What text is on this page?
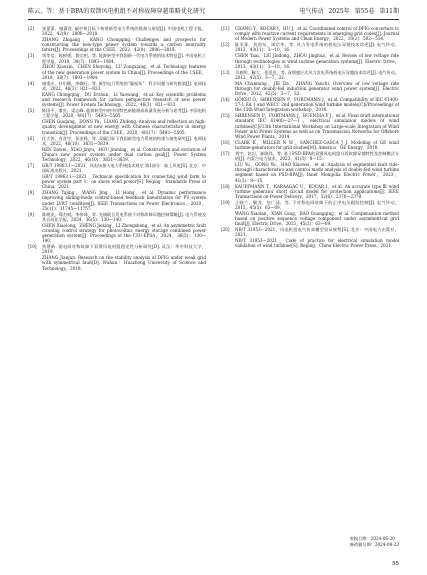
陈云，等：基于BPA的双馈风电机组不对称故障穿越策略优化研究	电气传动 2025年 第55卷 第11期
[2]	张蕾蕾，谢潇滢. 碳中和目标下构建新型电力系统的挑战与展望[J]. 中国电机工程学报，2022，42(8)：2806—2818.
ZHANG Zhigang，KANG Chongqing. Challenges and prospects for constructing the new-type power system towards a carbon neutrality future[J]. Proceedings of the CSEE，2022，42(8)：2806—2818.
[3]	周孝信，陈树勇，鲁宗相，等. 能源转型中我国新一代电力系统的技术特征[J]. 中国电机工程学报，2018，38(7)：1893—1904.
ZHOU Xiaoxin，CHEN Shuyong，LU Zongxiang，et al. Technology features of the new generation power system in China[J]. Proceedings of the CSEE，2018，38(7)：1893—1904.
[4]	康重庆，杜尔顺，李姚旺，等. 新型电力系统的“碳视角”：科学问题与研究框架[J]. 电网技术，2022，46(3)：821—833.
KANG Chongqing，DU Ershun，LI Yaowang，et al. Key scientific problems and research framework for carbon perspective research of new power systems[J]. Power System Technology，2022，46(3)：821—833.
[5]	陈国平，董昱，梁志峰. 能源转型中的中国特色新能源高质量发展分析与思考[J]. 中国电机工程学报，2020，40(17)：5493—5505.
CHEN Guoping，DONG Yu，LIANG Zhifeng. Analysis and reflection on high-quality development of new energy with Chinese characteristics in energy transition[J]. Proceedings of the CSEE，2020，40(17)：5493—5505.
[6]	任大伟，肖晋宇，侯金鸣，等. 双碳目标下我国新型电力系统的构建与演变研究[J]. 电网技术，2022，46(10)：3831—3839.
REN Dawei，XIAO Jinyu，HOU Jinming，et al. Construction and evolution of China's new power system under dual carbon goal[J]. Power System Technology，2022，46(10)：3831—3839.
[7]	GB/T 19963.1—2021，风电场接入电力系统技术规定 第1部分：陆上风电[S]. 北京：中国标准出版社，2021.
GB/T 19963.1—2021，Technical specification for connecting wind farm to power system part 1：on shore wind power[S]. Beijing：Standards Press of China，2021.
[8]	ZHANG Yajing，WANG Jing，LI Hong，et al. Dynamic performance improving sliding-mode control-based feedback linearization for PV system under LVRT condition[J]. IEEE Transactions on Power Electronics，2020，35(11)：11745—11757.
[9]	陈晓龙，郑杰钢，李伟烽，等. 光储联合发电系统不对称故障穿越控制策略[J]. 电力系统及其自动化学报，2024，36(5)：130—140.
CHEN Xiaolong，ZHENG Jiexing，LI Zhongsheng，et al. An asymmetric fault crossing control strategy for photovoltaic energy storage combined power generation system[J]. Proceedings of the CSU-EPSA，2024，36(5)：130—140.
[10]	焦建新. 弱电网对称故障下双馈风电机组稳定性分析研究[D]. 武汉：华中科技大学，2019.
ZHANG Jianjun. Research on the stability analysis of DFIG under weak grid with symmetrical fault[D]. Wuhan：Huazhong University of Science and Technology，2019.
[11]	CHANG Y，KOCAR I，HU J，et al. Coordinated control of DFIG converters to comply with reactive current requirements in emerging grid codes[J]. Journal of Modern Power Systems and Clean Energy，2022，10(2)：502—514.
[12]	陈亚莱，刘劲东，周宗华，等. 风力发电系统的低电压穿越技术综述[J]. 电气传动，2013，43(11)：3—10，16.
CHEN Yaai，LIU Jindong，ZHOU Jinghua，et al. Review of low voltage ride through technologies in wind turbine generation systems[J]. Electric Drive，2013，43(11)：3—10，16.
[13]	马春明，解大，张延迟，等. 双馈感应式风力发电系统低电压穿越技术综述[J]. 电气传动，2012，42(5)：3—7，32.
MA Chunming，JIE Da，ZHANG Yanchi. Overview of low voltage ride through for doubly-fed induction generator wind power system[J]. Electric Drive，2012，42(5)：3—7，32.
[14]	GÖKSU Ö，SØRENSEN P，FORTMANN J，et al. Compatibility of IEC 61400-27-1 Ed 1 and WECC 2nd generation wind turbine models[C]//Proceedings of the 15th Wind Integration workshop，2016.
[15]	SØRENSEN P，FORTMANN J，BUENDIA F J，et al. Final draft international standard IEC 61400—27—1，electrical simulation models of wind turbines[C]//13th International Workshop on Large-scale Integration of Wind Power into Power Systems as well as on Transmission Networks for Offshore Wind Power Plants，2014.
[16]	CLARK K，MILLER N W，SANCHEZ-GASCA J J. Modeling of GE wind turbine-generators for grid studies[M]. America：GE Energy，2010.
[17]	刘宇，赵岩，郝晓玮，等. 基于PSD-BPA的双馈风电机组分段故障穿越特性及控制模式分析[J]. 内蒙古电力技术，2023，41(3)：8—15.
LIU Yu，GONG Yu，HAO Xiaowei，et al. Analysis of segmented fault ride-through characteristics and control mode analysis of doubly-fed wind turbine segment based on PSD-BPA[J]. Inner Mongolia Electric Power，2023，41(3)：8—15.
[18]	KAUFFMANN T，KARAAGAC U，KOCAR I，et al. An accurate type Ⅲ wind turbine generator short circuit model for protection applications[J]. IEEE Transactions on Power Delivery，2017，32(6)：2370—2379.
[19]	王晓兰，解龙，包广清，等. 不对称电网故障下的正序电压跟踪控制[J]. 电气传动，2015，45(5)：63—69.
WANG Xiaolan，XIAN Long，BAO Guangqing，et al. Compensation method based on positive sequence voltage component under asymmetrical grid fault[J]. Electric Drive，2015，45(2)：63—69.
[20]	NB/T 31053—2021，风电机组电气仿真模型验证规程[S]. 北京：中国电力出版社，2021.
NB/T 31053—2021，Code of practice for electrical simulation model validation of wind turbines[S]. Beijing：China Electric Power Press，2021.
收稿日期：2024-06-20
修改稿日期：2024-08-23
55
